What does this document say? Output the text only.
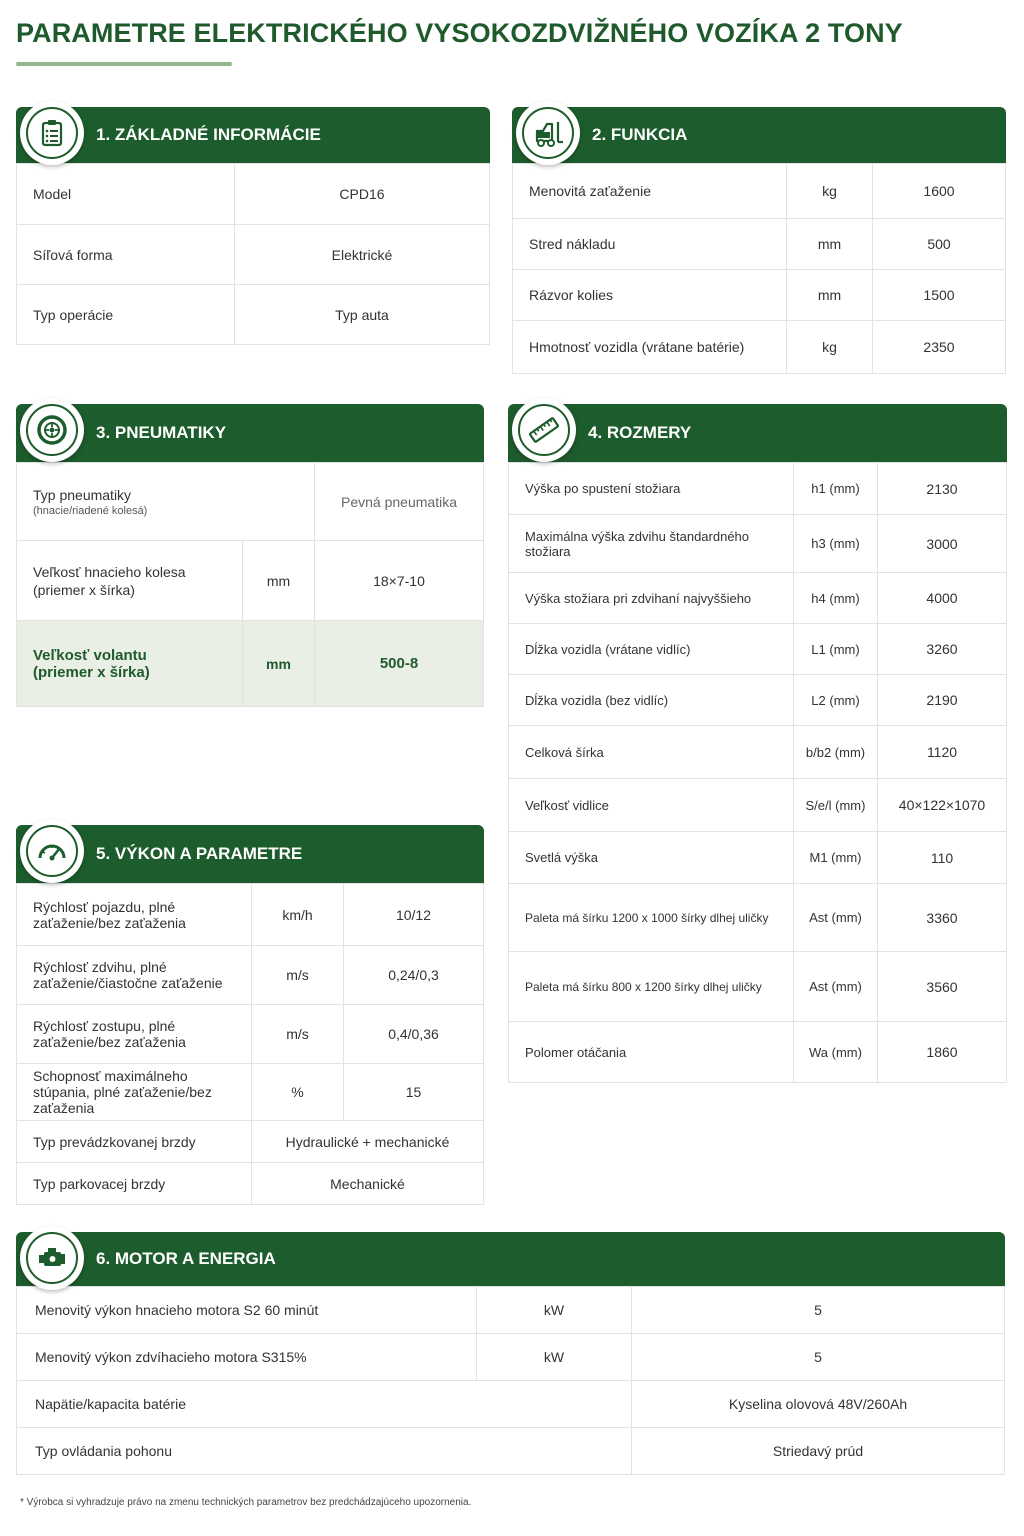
PARAMETRE ELEKTRICKÉHO VYSOKOZDVIŽNÉHO VOZÍKA 2 TONY
1. ZÁKLADNÉ INFORMÁCIE
Model	CPD16
Síľová forma	Elektrické
Typ operácie	Typ auta
2. FUNKCIA
Menovitá zaťaženie	kg	1600
Stred nákladu	mm	500
Rázvor kolies	mm	1500
Hmotnosť vozidla (vrátane batérie)	kg	2350
3. PNEUMATIKY
Typ pneumatiky
(hnacie/riadené kolesá)		Pevná pneumatika
Veľkosť hnacieho kolesa
(priemer x šírka)	mm	18×7-10
Veľkosť volantu
(priemer x šírka)	mm	500-8
4. ROZMERY
Výška po spustení stožiara	h1 (mm)	2130
Maximálna výška zdvihu štandardného stožiara	h3 (mm)	3000
Výška stožiara pri zdvihaní najvyššieho	h4 (mm)	4000
Dĺžka vozidla (vrátane vidlíc)	L1 (mm)	3260
Dĺžka vozidla (bez vidlíc)	L2 (mm)	2190
Celková šírka	b/b2 (mm)	1120
Veľkosť vidlice	S/e/l (mm)	40×122×1070
Svetlá výška	M1 (mm)	110
Paleta má šírku 1200 x 1000 šírky dlhej uličky	Ast (mm)	3360
Paleta má šírku 800 x 1200 šírky dlhej uličky	Ast (mm)	3560
Polomer otáčania	Wa (mm)	1860
5. VÝKON A PARAMETRE
Rýchlosť pojazdu, plné zaťaženie/bez zaťaženia	km/h	10/12
Rýchlosť zdvihu, plné zaťaženie/čiastočne zaťaženie	m/s	0,24/0,3
Rýchlosť zostupu, plné zaťaženie/bez zaťaženia	m/s	0,4/0,36
Schopnosť maximálneho stúpania, plné zaťaženie/bez zaťaženia	%	15
Typ prevádzkovanej brzdy	Hydraulické + mechanické	
Typ parkovacej brzdy	Mechanické	
6. MOTOR A ENERGIA
Menovitý výkon hnacieho motora S2 60 minút	kW	5
Menovitý výkon zdvíhacieho motora S315%	kW	5
Napätie/kapacita batérie		Kyselina olovová 48V/260Ah
Typ ovládania pohonu		Striedavý prúd
* Výrobca si vyhradzuje právo na zmenu technických parametrov bez predchádzajúceho upozornenia.
